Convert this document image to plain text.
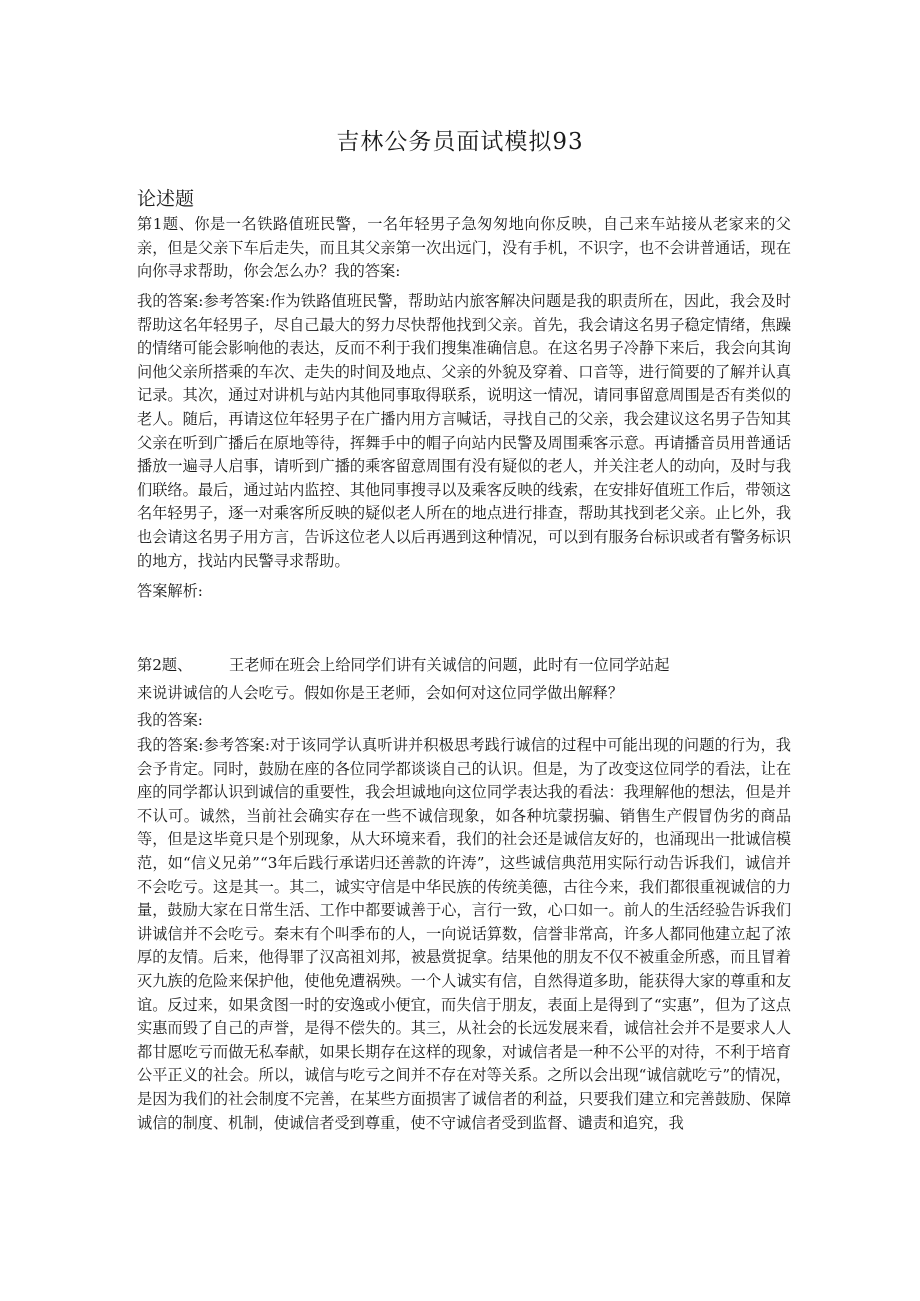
吉林公务员面试模拟93
论述题

第1题、你是一名铁路值班民警，一名年轻男子急匆匆地向你反映，自己来车站接从老家来的父亲，但是父亲下车后走失，而且其父亲第一次出远门，没有手机，不识字，也不会讲普通话，现在向你寻求帮助，你会怎么办？我的答案:

我的答案:参考答案:作为铁路值班民警，帮助站内旅客解决问题是我的职责所在，因此，我会及时帮助这名年轻男子，尽自己最大的努力尽快帮他找到父亲。首先，我会请这名男子稳定情绪，焦躁的情绪可能会影响他的表达，反而不利于我们搜集准确信息。在这名男子冷静下来后，我会向其询问他父亲所搭乘的车次、走失的时间及地点、父亲的外貌及穿着、口音等，进行简要的了解并认真记录。其次，通过对讲机与站内其他同事取得联系，说明这一情况，请同事留意周围是否有类似的老人。随后，再请这位年轻男子在广播内用方言喊话，寻找自己的父亲，我会建议这名男子告知其父亲在听到广播后在原地等待，挥舞手中的帽子向站内民警及周围乘客示意。再请播音员用普通话播放一遍寻人启事，请听到广播的乘客留意周围有没有疑似的老人，并关注老人的动向，及时与我们联络。最后，通过站内监控、其他同事搜寻以及乘客反映的线索，在安排好值班工作后，带领这名年轻男子，逐一对乘客所反映的疑似老人所在的地点进行排查，帮助其找到老父亲。止匕外，我也会请这名男子用方言，告诉这位老人以后再遇到这种情况，可以到有服务台标识或者有警务标识的地方，找站内民警寻求帮助。

答案解析:

第2题、 王老师在班会上给同学们讲有关诚信的问题，此时有一位同学站起

来说讲诚信的人会吃亏。假如你是王老师，会如何对这位同学做出解释？

我的答案:

我的答案:参考答案:对于该同学认真听讲并积极思考践行诚信的过程中可能出现的问题的行为，我会予肯定。同时，鼓励在座的各位同学都谈谈自己的认识。但是，为了改变这位同学的看法，让在座的同学都认识到诚信的重要性，我会坦诚地向这位同学表达我的看法：我理解他的想法，但是并不认可。诚然，当前社会确实存在一些不诚信现象，如各种坑蒙拐骗、销售生产假冒伪劣的商品等，但是这毕竟只是个别现象，从大环境来看，我们的社会还是诚信友好的，也涌现出一批诚信模范，如“信义兄弟”“3年后践行承诺归还善款的许涛”，这些诚信典范用实际行动告诉我们，诚信并不会吃亏。这是其一。其二，诚实守信是中华民族的传统美德，古往今来，我们都很重视诚信的力量，鼓励大家在日常生活、工作中都要诚善于心，言行一致，心口如一。前人的生活经验告诉我们讲诚信并不会吃亏。秦末有个叫季布的人，一向说话算数，信誉非常高，许多人都同他建立起了浓厚的友情。后来，他得罪了汉高祖刘邦，被悬赏捉拿。结果他的朋友不仅不被重金所惑，而且冒着灭九族的危险来保护他，使他免遭祸殃。一个人诚实有信，自然得道多助，能获得大家的尊重和友谊。反过来，如果贪图一时的安逸或小便宜，而失信于朋友，表面上是得到了“实惠”，但为了这点实惠而毁了自己的声誉，是得不偿失的。其三，从社会的长远发展来看，诚信社会并不是要求人人都甘愿吃亏而做无私奉献，如果长期存在这样的现象，对诚信者是一种不公平的对待，不利于培育公平正义的社会。所以，诚信与吃亏之间并不存在对等关系。之所以会出现“诚信就吃亏”的情况，是因为我们的社会制度不完善，在某些方面损害了诚信者的利益，只要我们建立和完善鼓励、保障诚信的制度、机制，使诚信者受到尊重，使不守诚信者受到监督、谴责和追究，我
